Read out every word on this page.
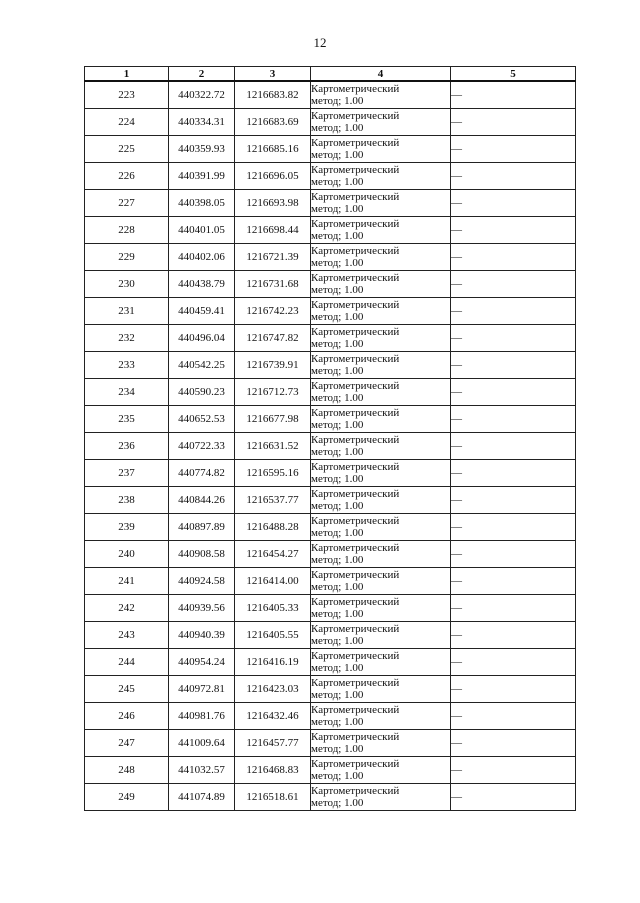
12
1	2	3	4	5
223	440322.72	1216683.82	Картометрический
метод; 1.00	—
224	440334.31	1216683.69	Картометрический
метод; 1.00	—
225	440359.93	1216685.16	Картометрический
метод; 1.00	—
226	440391.99	1216696.05	Картометрический
метод; 1.00	—
227	440398.05	1216693.98	Картометрический
метод; 1.00	—
228	440401.05	1216698.44	Картометрический
метод; 1.00	—
229	440402.06	1216721.39	Картометрический
метод; 1.00	—
230	440438.79	1216731.68	Картометрический
метод; 1.00	—
231	440459.41	1216742.23	Картометрический
метод; 1.00	—
232	440496.04	1216747.82	Картометрический
метод; 1.00	—
233	440542.25	1216739.91	Картометрический
метод; 1.00	—
234	440590.23	1216712.73	Картометрический
метод; 1.00	—
235	440652.53	1216677.98	Картометрический
метод; 1.00	—
236	440722.33	1216631.52	Картометрический
метод; 1.00	—
237	440774.82	1216595.16	Картометрический
метод; 1.00	—
238	440844.26	1216537.77	Картометрический
метод; 1.00	—
239	440897.89	1216488.28	Картометрический
метод; 1.00	—
240	440908.58	1216454.27	Картометрический
метод; 1.00	—
241	440924.58	1216414.00	Картометрический
метод; 1.00	—
242	440939.56	1216405.33	Картометрический
метод; 1.00	—
243	440940.39	1216405.55	Картометрический
метод; 1.00	—
244	440954.24	1216416.19	Картометрический
метод; 1.00	—
245	440972.81	1216423.03	Картометрический
метод; 1.00	—
246	440981.76	1216432.46	Картометрический
метод; 1.00	—
247	441009.64	1216457.77	Картометрический
метод; 1.00	—
248	441032.57	1216468.83	Картометрический
метод; 1.00	—
249	441074.89	1216518.61	Картометрический
метод; 1.00	—
